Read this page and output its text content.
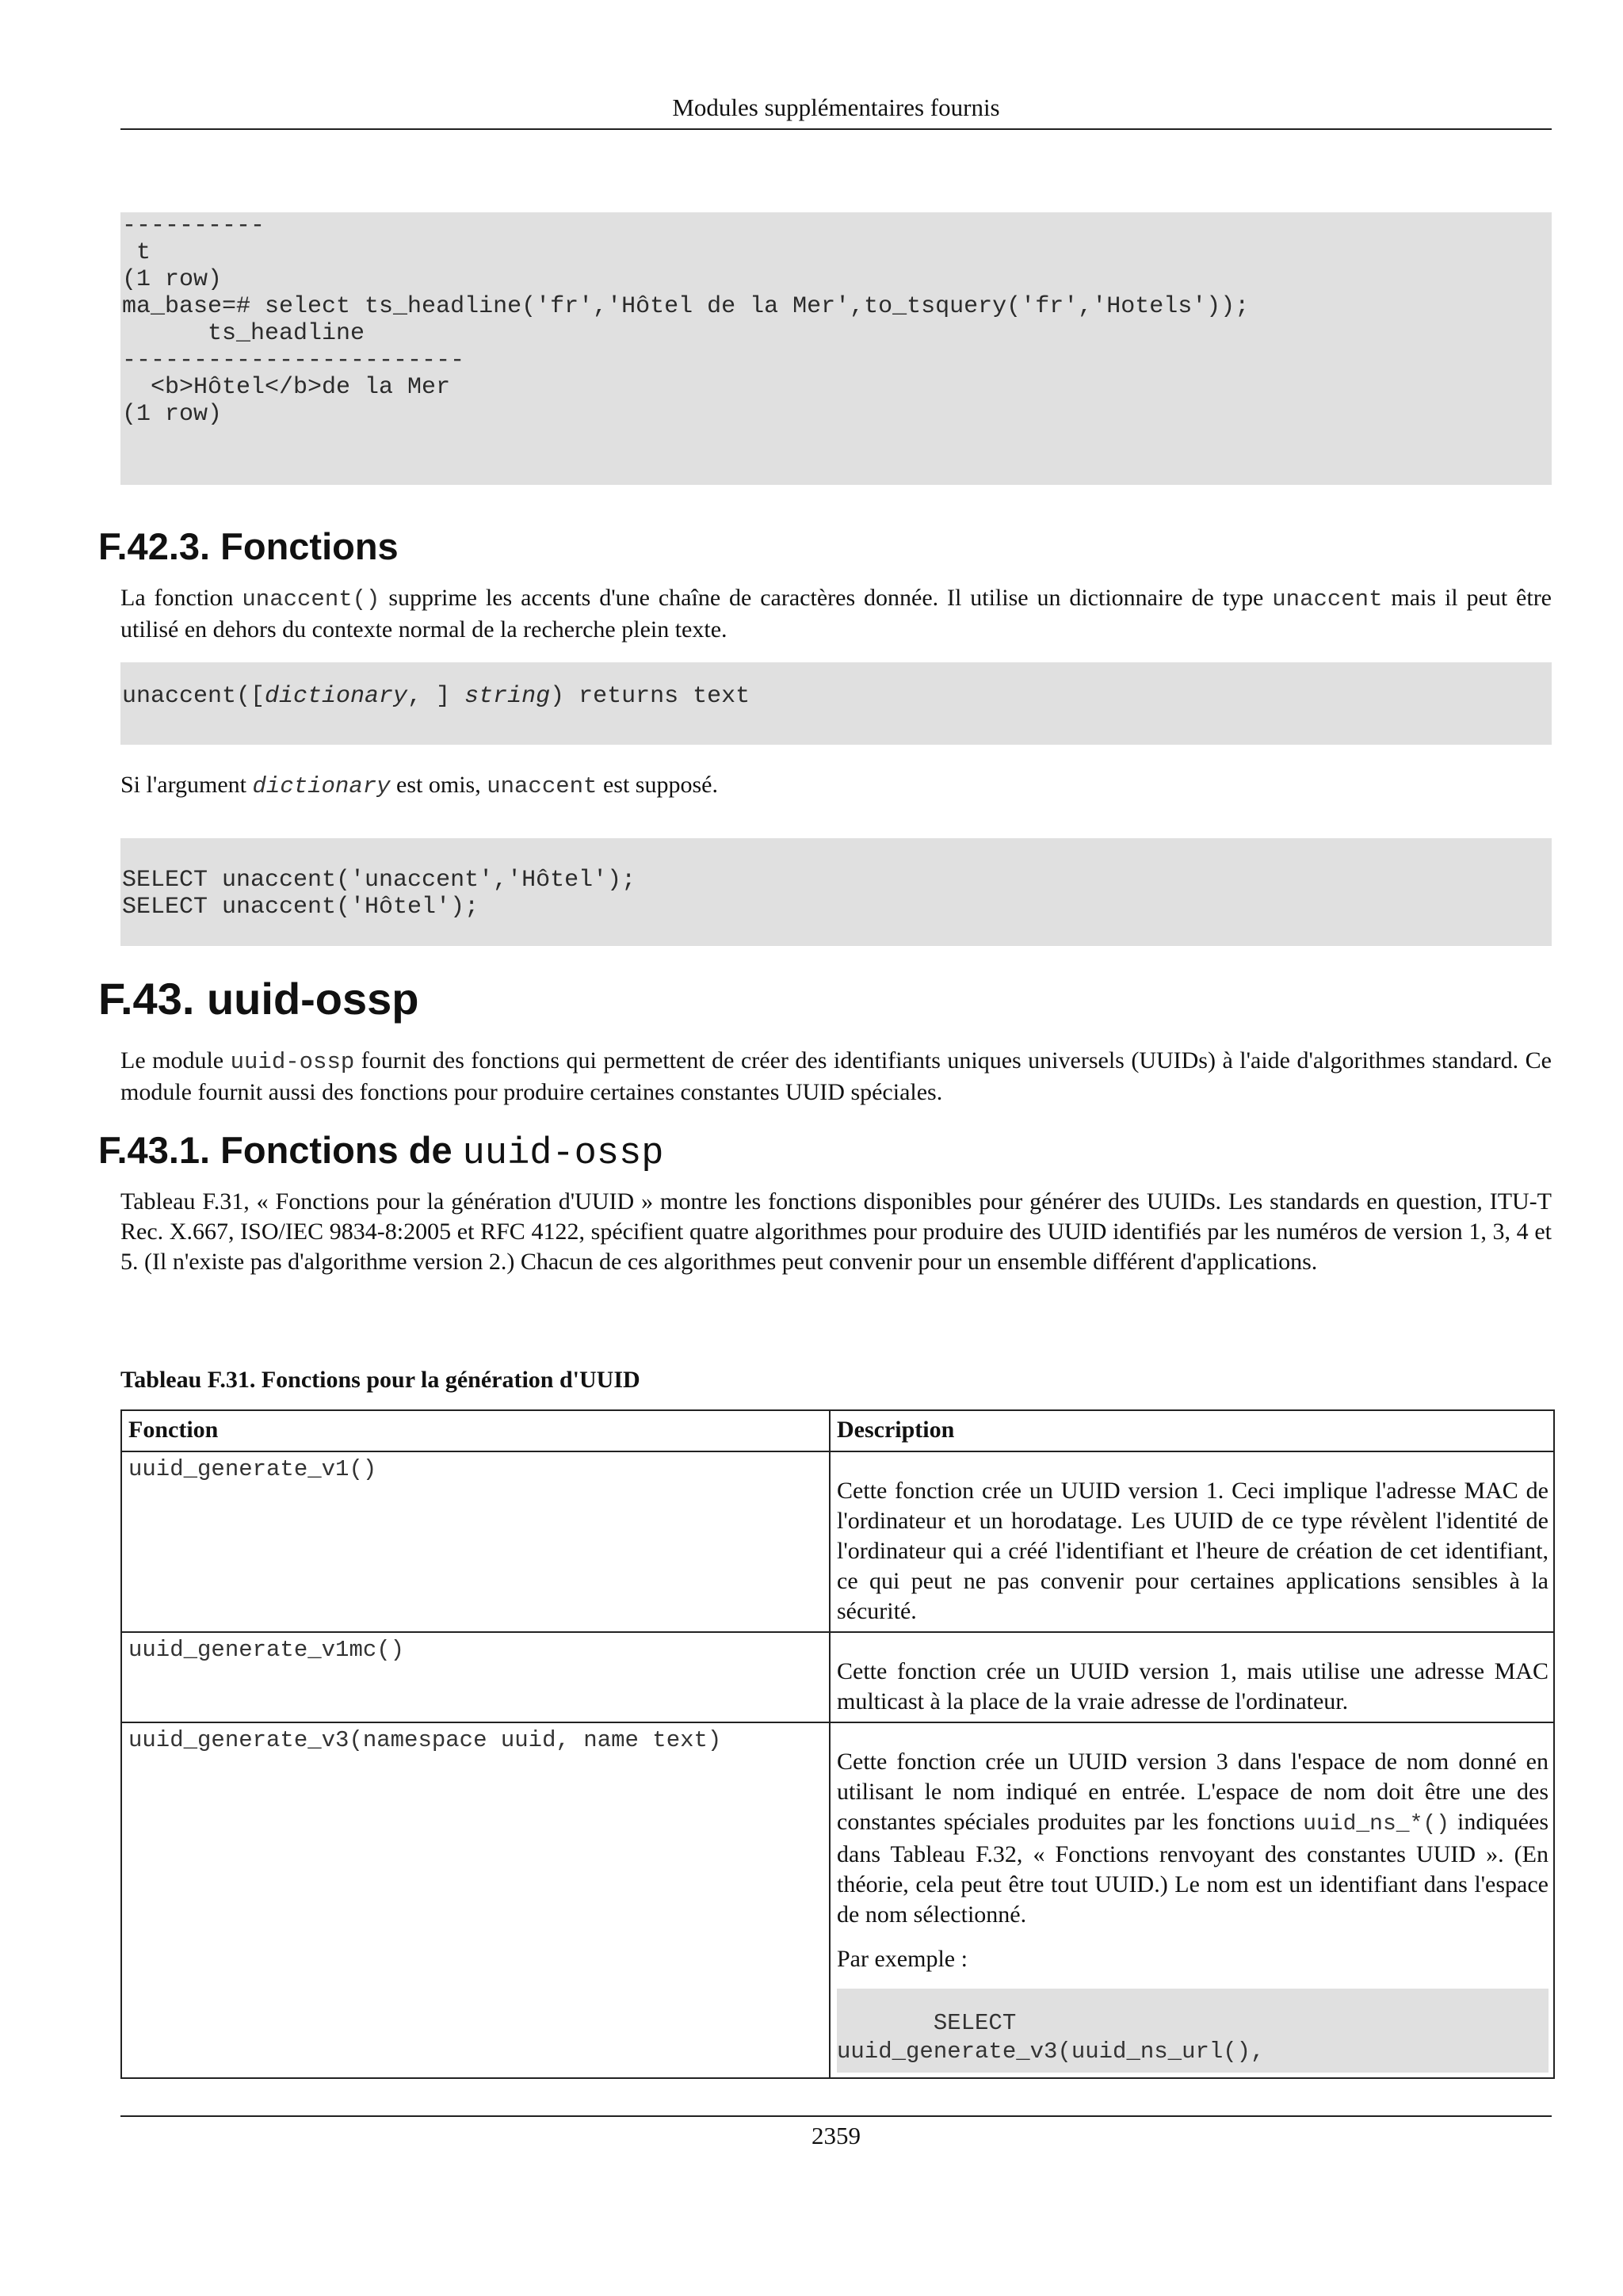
Modules supplémentaires fournis
----------
t
(1 row)
ma_base=# select ts_headline('fr','Hôtel de la Mer',to_tsquery('fr','Hotels'));
ts_headline
------------------------
<b>Hôtel</b>de la Mer
(1 row)
F.42.3. Fonctions

La fonction unaccent() supprime les accents d'une chaîne de caractères donnée. Il utilise un dictionnaire de type unaccent mais il peut être utilisé en dehors du contexte normal de la recherche plein texte.

unaccent([dictionary, ] string) returns text

Si l'argument dictionary est omis, unaccent est supposé.

SELECT unaccent('unaccent','Hôtel');
SELECT unaccent('Hôtel');
F.43. uuid-ossp

Le module uuid-ossp fournit des fonctions qui permettent de créer des identifiants uniques universels (UUIDs) à l'aide d'algorithmes standard. Ce module fournit aussi des fonctions pour produire certaines constantes UUID spéciales.

F.43.1. Fonctions de uuid-ossp

Tableau F.31, « Fonctions pour la génération d'UUID » montre les fonctions disponibles pour générer des UUIDs. Les standards en question, ITU-T Rec. X.667, ISO/IEC 9834-8:2005 et RFC 4122, spécifient quatre algorithmes pour produire des UUID identifiés par les numéros de version 1, 3, 4 et 5. (Il n'existe pas d'algorithme version 2.) Chacun de ces algorithmes peut convenir pour un ensemble différent d'applications.

Tableau F.31. Fonctions pour la génération d'UUID
Fonction	Description
uuid_generate_v1()	Cette fonction crée un UUID version 1. Ceci implique l'adresse MAC de l'ordinateur et un horodatage. Les UUID de ce type révèlent l'identité de l'ordinateur qui a créé l'identifiant et l'heure de création de cet identifiant, ce qui peut ne pas convenir pour certaines applications sensibles à la sécurité.
uuid_generate_v1mc()	Cette fonction crée un UUID version 1, mais utilise une adresse MAC multicast à la place de la vraie adresse de l'ordinateur.
uuid_generate_v3(namespace uuid, name text)	Cette fonction crée un UUID version 3 dans l'espace de nom donné en utilisant le nom indiqué en entrée. L'espace de nom doit être une des constantes spéciales produites par les fonctions uuid_ns_*() indiquées dans Tableau F.32, « Fonctions renvoyant des constantes UUID ». (En théorie, cela peut être tout UUID.) Le nom est un identifiant dans l'espace de nom sélectionné.

Par exemple :

SELECT
uuid_generate_v3(uuid_ns_url(),
2359
